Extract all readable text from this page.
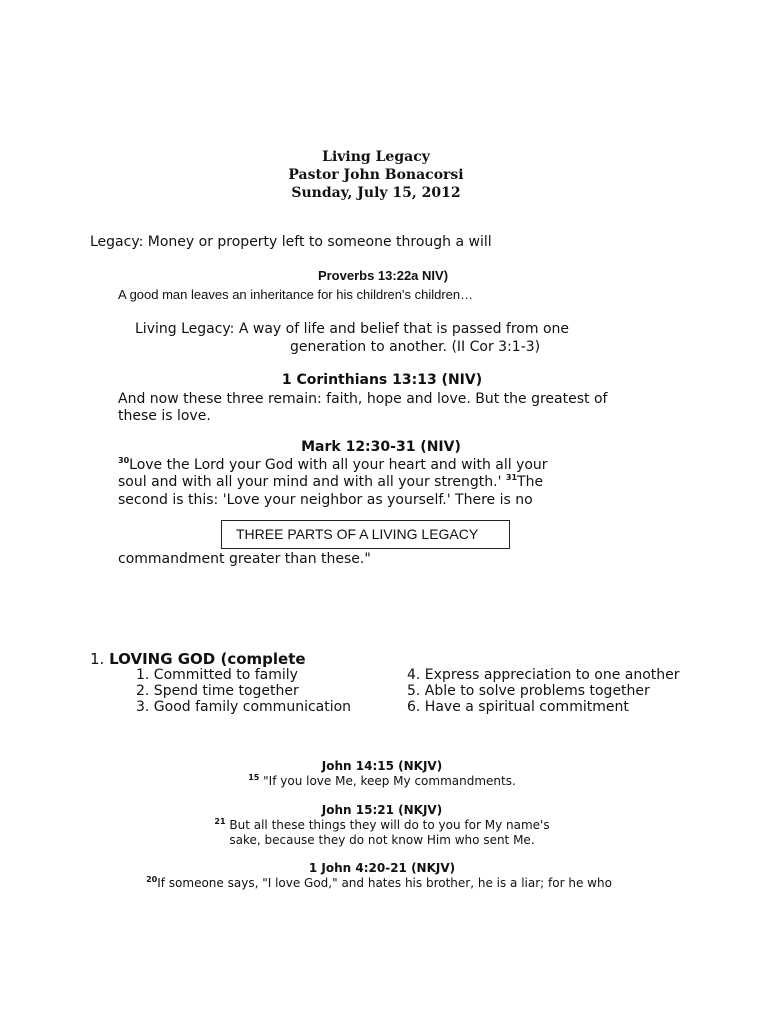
Living Legacy
Pastor John Bonacorsi
Sunday, July 15, 2012
Legacy: Money or property left to someone through a will
Proverbs 13:22a NIV)
A good man leaves an inheritance for his children's children…
Living Legacy: A way of life and belief that is passed from one
generation to another. (II Cor 3:1-3)
1 Corinthians 13:13 (NIV)
And now these three remain: faith, hope and love. But the greatest of
these is love.
Mark 12:30-31 (NIV)
$^{30}$Love the Lord your God with all your heart and with all your
soul and with all your mind and with all your strength.' $^{31}$The
second is this: 'Love your neighbor as yourself.' There is no
THREE PARTS OF A LIVING LEGACY
commandment greater than these."
1. LOVING GOD (complete
1. Committed to family
2. Spend time together
3. Good family communication
4. Express appreciation to one another
5. Able to solve problems together
6. Have a spiritual commitment
John 14:15 (NKJV)
$^{15}$ "If you love Me, keep My commandments.
John 15:21 (NKJV)
$^{21}$ But all these things they will do to you for My name's
sake, because they do not know Him who sent Me.
1 John 4:20-21 (NKJV)
$^{20}$If someone says, "I love God," and hates his brother, he is a liar; for he who
